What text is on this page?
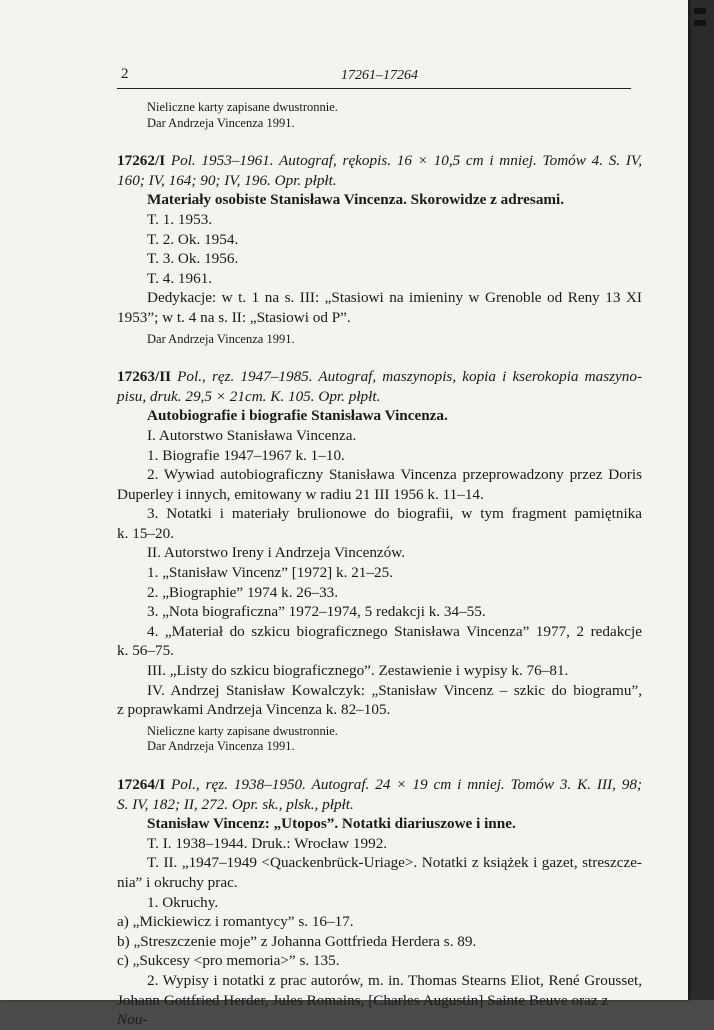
2	17261–17264
Nieliczne karty zapisane dwustronnie.
Dar Andrzeja Vincenza 1991.
17262/I Pol. 1953–1961. Autograf, rękopis. 16 × 10,5 cm i mniej. Tomów 4. S. IV,
160; IV, 164; 90; IV, 196. Opr. płpłt.
Materiały osobiste Stanisława Vincenza. Skorowidze z adresami.
T. 1. 1953.
T. 2. Ok. 1954.
T. 3. Ok. 1956.
T. 4. 1961.
Dedykacje: w t. 1 na s. III: „Stasiowi na imieniny w Grenoble od Reny 13 XI
1953”; w t. 4 na s. II: „Stasiowi od P”.
Dar Andrzeja Vincenza 1991.
17263/II Pol., ręz. 1947–1985. Autograf, maszynopis, kopia i kserokopia maszyno-
pisu, druk. 29,5 × 21cm. K. 105. Opr. płpłt.
Autobiografie i biografie Stanisława Vincenza.
I. Autorstwo Stanisława Vincenza.
1. Biografie 1947–1967 k. 1–10.
2. Wywiad autobiograficzny Stanisława Vincenza przeprowadzony przez Doris
Duperley i innych, emitowany w radiu 21 III 1956 k. 11–14.
3. Notatki i materiały brulionowe do biografii, w tym fragment pamiętnika
k. 15–20.
II. Autorstwo Ireny i Andrzeja Vincenzów.
1. „Stanisław Vincenz” [1972] k. 21–25.
2. „Biographie” 1974 k. 26–33.
3. „Nota biograficzna” 1972–1974, 5 redakcji k. 34–55.
4. „Materiał do szkicu biograficznego Stanisława Vincenza” 1977, 2 redakcje
k. 56–75.
III. „Listy do szkicu biograficznego”. Zestawienie i wypisy k. 76–81.
IV. Andrzej Stanisław Kowalczyk: „Stanisław Vincenz – szkic do biogramu”,
z poprawkami Andrzeja Vincenza k. 82–105.
Nieliczne karty zapisane dwustronnie.
Dar Andrzeja Vincenza 1991.
17264/I Pol., ręz. 1938–1950. Autograf. 24 × 19 cm i mniej. Tomów 3. K. III, 98;
S. IV, 182; II, 272. Opr. sk., plsk., płpłt.
Stanisław Vincenz: „Utopos”. Notatki diariuszowe i inne.
T. I. 1938–1944. Druk.: Wrocław 1992.
T. II. „1947–1949 <Quackenbrück-Uriage>. Notatki z książek i gazet, streszcze-
nia” i okruchy prac.
1. Okruchy.
a) „Mickiewicz i romantycy” s. 16–17.
b) „Streszczenie moje” z Johanna Gottfrieda Herdera s. 89.
c) „Sukcesy <pro memoria>” s. 135.
2. Wypisy i notatki z prac autorów, m. in. Thomas Stearns Eliot, René Grousset,
Johann Gottfried Herder, Jules Romains, [Charles Augustin] Sainte Beuve oraz z Nou-
